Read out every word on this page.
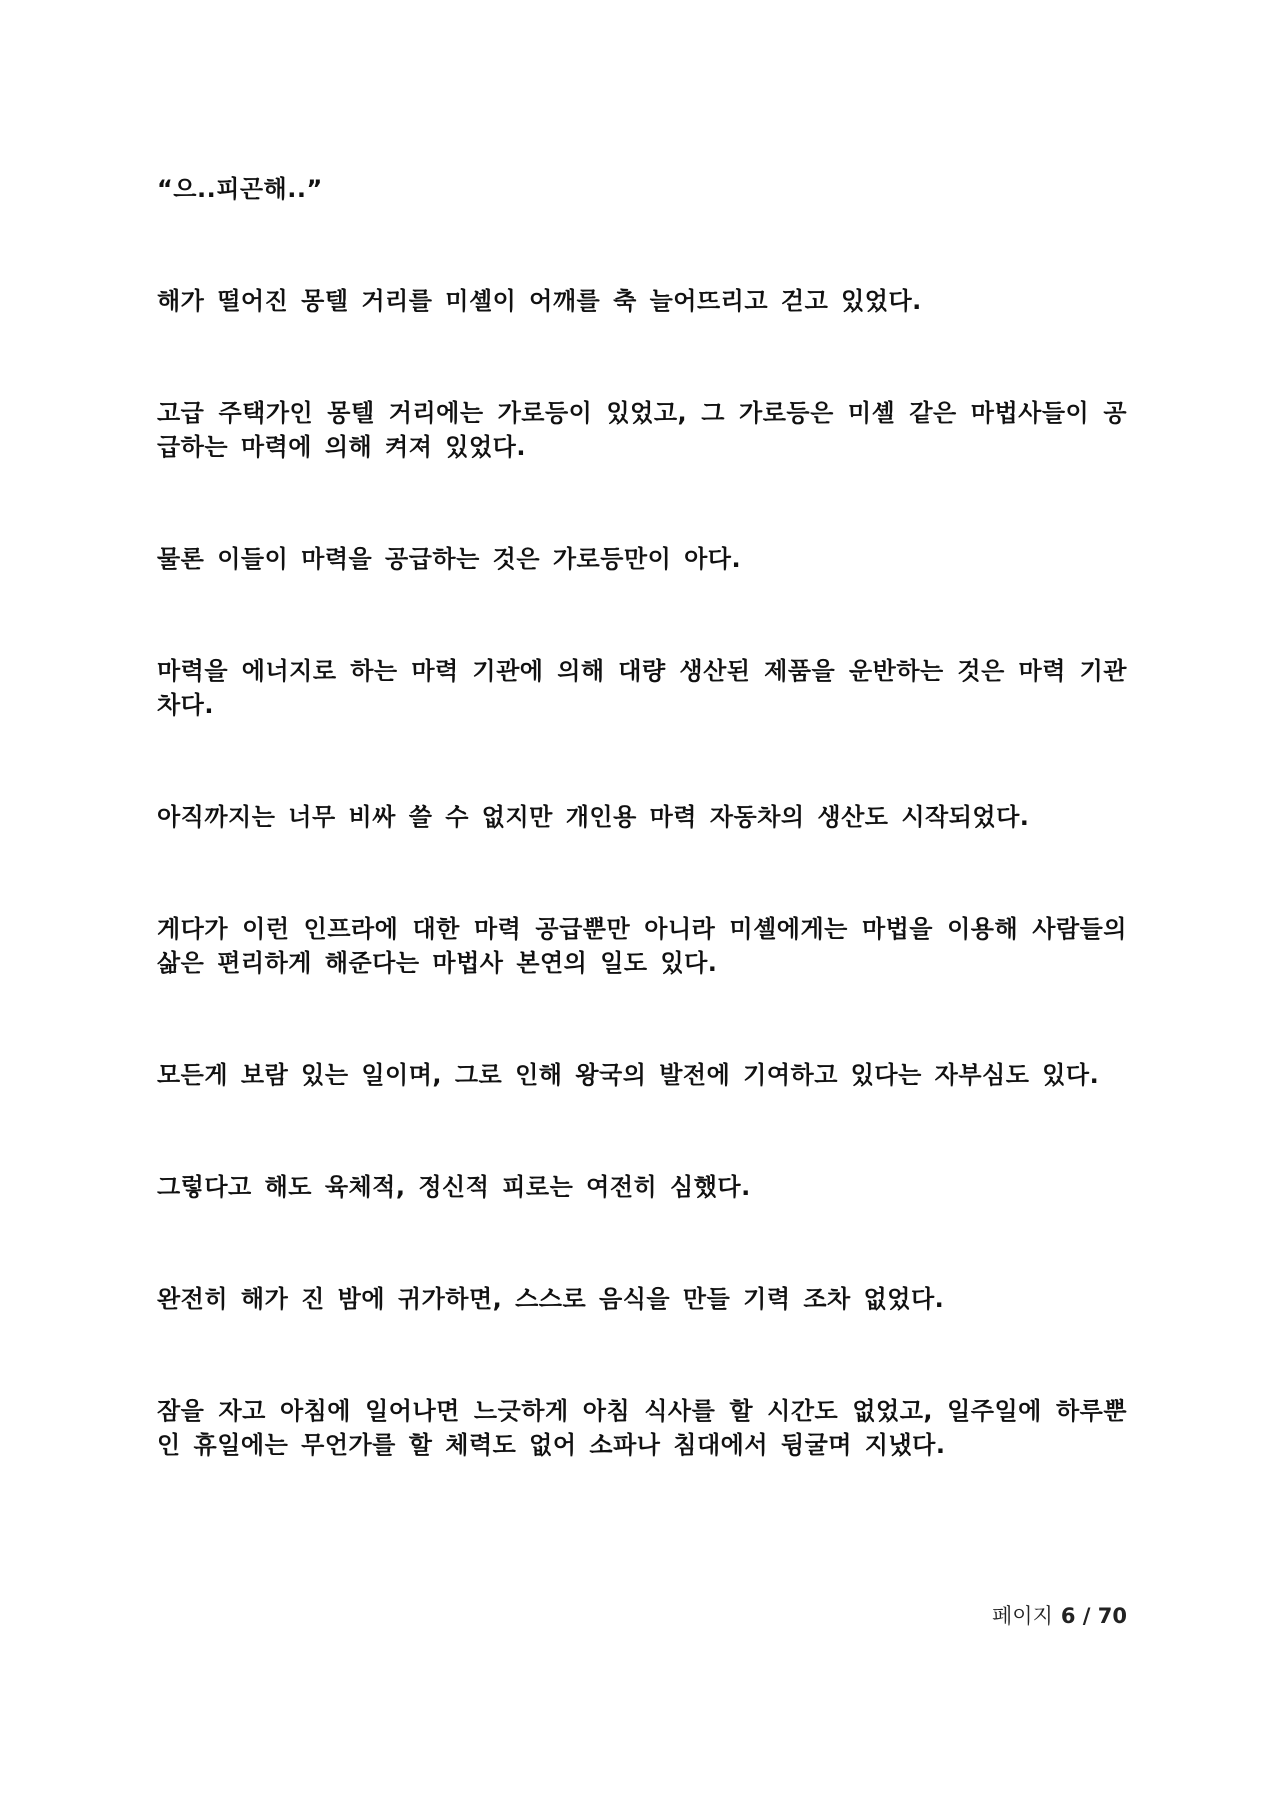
“으..피곤해..”

해가 떨어진 몽텔 거리를 미셸이 어깨를 축 늘어뜨리고 걷고 있었다.

고급 주택가인 몽텔 거리에는 가로등이 있었고, 그 가로등은 미셸 같은 마법사들이 공급하는 마력에 의해 켜져 있었다.

물론 이들이 마력을 공급하는 것은 가로등만이 아다.

마력을 에너지로 하는 마력 기관에 의해 대량 생산된 제품을 운반하는 것은 마력 기관차다.

아직까지는 너무 비싸 쓸 수 없지만 개인용 마력 자동차의 생산도 시작되었다.

게다가 이런 인프라에 대한 마력 공급뿐만 아니라 미셸에게는 마법을 이용해 사람들의 삶은 편리하게 해준다는 마법사 본연의 일도 있다.

모든게 보람 있는 일이며, 그로 인해 왕국의 발전에 기여하고 있다는 자부심도 있다.

그렇다고 해도 육체적, 정신적 피로는 여전히 심했다.

완전히 해가 진 밤에 귀가하면, 스스로 음식을 만들 기력 조차 없었다.

잠을 자고 아침에 일어나면 느긋하게 아침 식사를 할 시간도 없었고, 일주일에 하루뿐인 휴일에는 무언가를 할 체력도 없어 소파나 침대에서 뒹굴며 지냈다.

페이지 6 / 70
